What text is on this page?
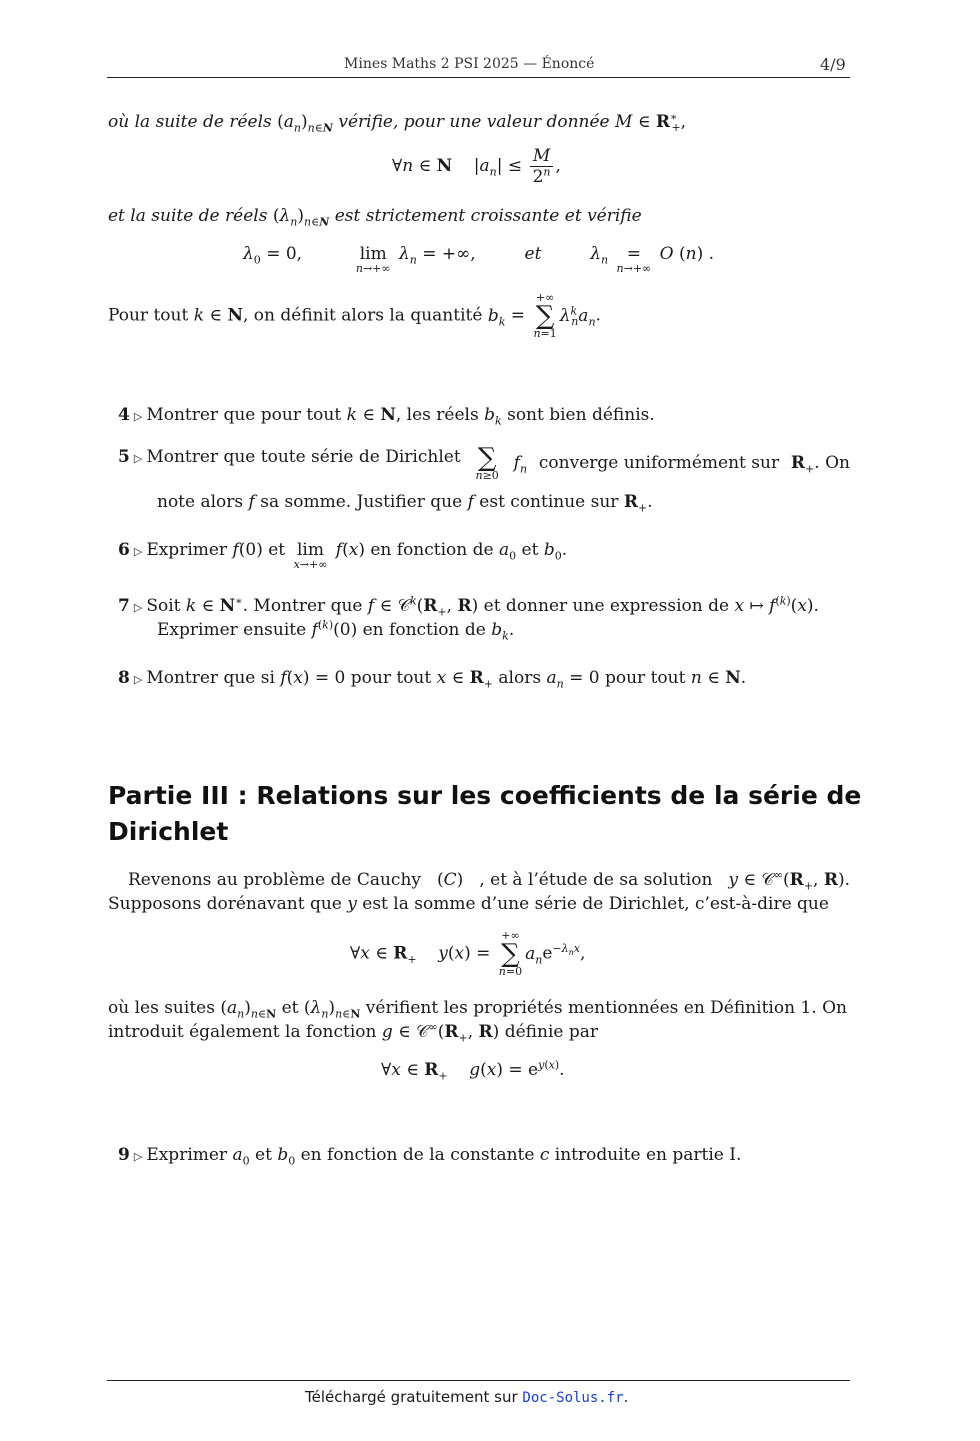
Mines Maths 2 PSI 2025 — Énoncé	4/9
où la suite de réels $(a_n)_{n\in N}$ vérifie, pour une valeur donnée M ∈ $R^∗_+$,
∀n ∈ N $|a_n| \le \frac{M}{2^n}$ ,
et la suite de réels $(\lambda_n)_{n\in N}$ est strictement croissante et vérifie
$\lambda_0 = 0$,	lim
n→+∞
$\lambda_n$ = +∞,	et	$\lambda_n$ =
n→+∞
O (n) .
Pour tout k ∈ N, on définit alors la quantité $b_k$ =
+∞
∑
n=1
$\lambda^k_na_n$.
4 ▷ Montrer que pour tout k ∈ N, les réels $b_k$ sont bien définis.
5 ▷ Montrer que toute série de Dirichlet ∑
n≥0
$f_n$ converge uniformément sur $R_+$. On
note alors f sa somme. Justifier que f est continue sur $R_+$.
6 ▷ Exprimer f(0) et lim
x→+∞
f(x) en fonction de $a_0$ et $b_0$.
7 ▷ Soit k ∈ N∗. Montrer que f ∈ $𝒞^k(R_+$, R) et donner une expression de x ↦ $f^{(k)}(x)$.
Exprimer ensuite $f^{(k)}(0)$ en fonction de $b_k$.
8 ▷ Montrer que si f(x) = 0 pour tout x ∈ $R_+$ alors $a_n = 0$ pour tout n ∈ N.
Partie III : Relations sur les coefficients de la série de
Dirichlet
Revenons au problème de Cauchy (C) , et à l’étude de sa solution y ∈ $𝒞^\infty(R_+$, R).
Supposons dorénavant que y est la somme d’une série de Dirichlet, c’est-à-dire que
∀x ∈ $R_+$ y(x) =
+∞
∑
n=0
$a_ne^{-\lambda_nx}$,
où les suites $(a_n)_{n\in N}$ et $(\lambda_n)_{n\in N}$ vérifient les propriétés mentionnées en Définition 1. On
introduit également la fonction g ∈ $𝒞^\infty(R_+$, R) définie par
∀x ∈ $R_+$ $g(x) = e^{y(x)}$.
9 ▷ Exprimer $a_0$ et $b_0$ en fonction de la constante c introduite en partie I.
Téléchargé gratuitement sur Doc-Solus.fr.
